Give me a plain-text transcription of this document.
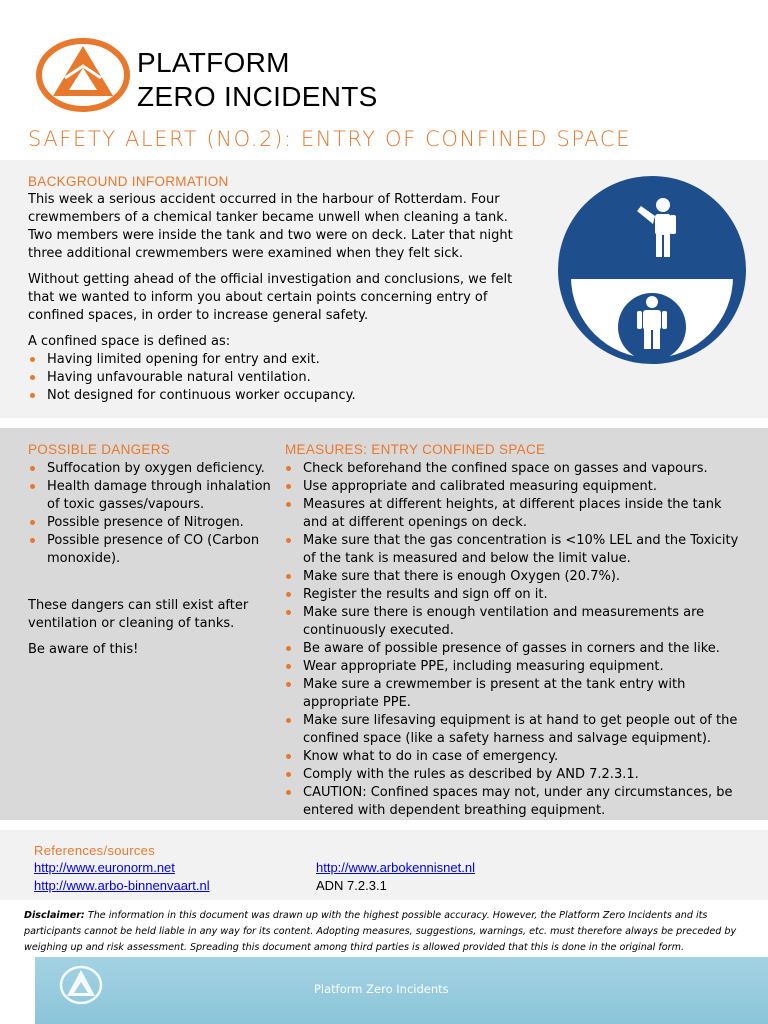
PLATFORM
ZERO INCIDENTS
SAFETY ALERT (NO.2): ENTRY OF CONFINED SPACE
BACKGROUND INFORMATION

This week a serious accident occurred in the harbour of Rotterdam. Four crewmembers of a chemical tanker became unwell when cleaning a tank. Two members were inside the tank and two were on deck. Later that night three additional crewmembers were examined when they felt sick.

Without getting ahead of the official investigation and conclusions, we felt that we wanted to inform you about certain points concerning entry of confined spaces, in order to increase general safety.

A confined space is defined as:

Having limited opening for entry and exit.
Having unfavourable natural ventilation.
Not designed for continuous worker occupancy.
POSSIBLE DANGERS
Suffocation by oxygen deficiency.
Health damage through inhalation of toxic gasses/vapours.
Possible presence of Nitrogen.
Possible presence of CO (Carbon monoxide).

These dangers can still exist after ventilation or cleaning of tanks.

Be aware of this!

MEASURES: ENTRY CONFINED SPACE
Check beforehand the confined space on gasses and vapours.
Use appropriate and calibrated measuring equipment.
Measures at different heights, at different places inside the tank and at different openings on deck.
Make sure that the gas concentration is <10% LEL and the Toxicity of the tank is measured and below the limit value.
Make sure that there is enough Oxygen (20.7%).
Register the results and sign off on it.
Make sure there is enough ventilation and measurements are continuously executed.
Be aware of possible presence of gasses in corners and the like.
Wear appropriate PPE, including measuring equipment.
Make sure a crewmember is present at the tank entry with appropriate PPE.
Make sure lifesaving equipment is at hand to get people out of the confined space (like a safety harness and salvage equipment).
Know what to do in case of emergency.
Comply with the rules as described by AND 7.2.3.1.
CAUTION: Confined spaces may not, under any circumstances, be entered with dependent breathing equipment.
References/sources
http://www.euronorm.net
http://www.arbo-binnenvaart.nl
http://www.arbokennisnet.nl
ADN 7.2.3.1
Disclaimer: The information in this document was drawn up with the highest possible accuracy. However, the Platform Zero Incidents and its participants cannot be held liable in any way for its content. Adopting measures, suggestions, warnings, etc. must therefore always be preceded by weighing up and risk assessment. Spreading this document among third parties is allowed provided that this is done in the original form.
Platform Zero Incidents
